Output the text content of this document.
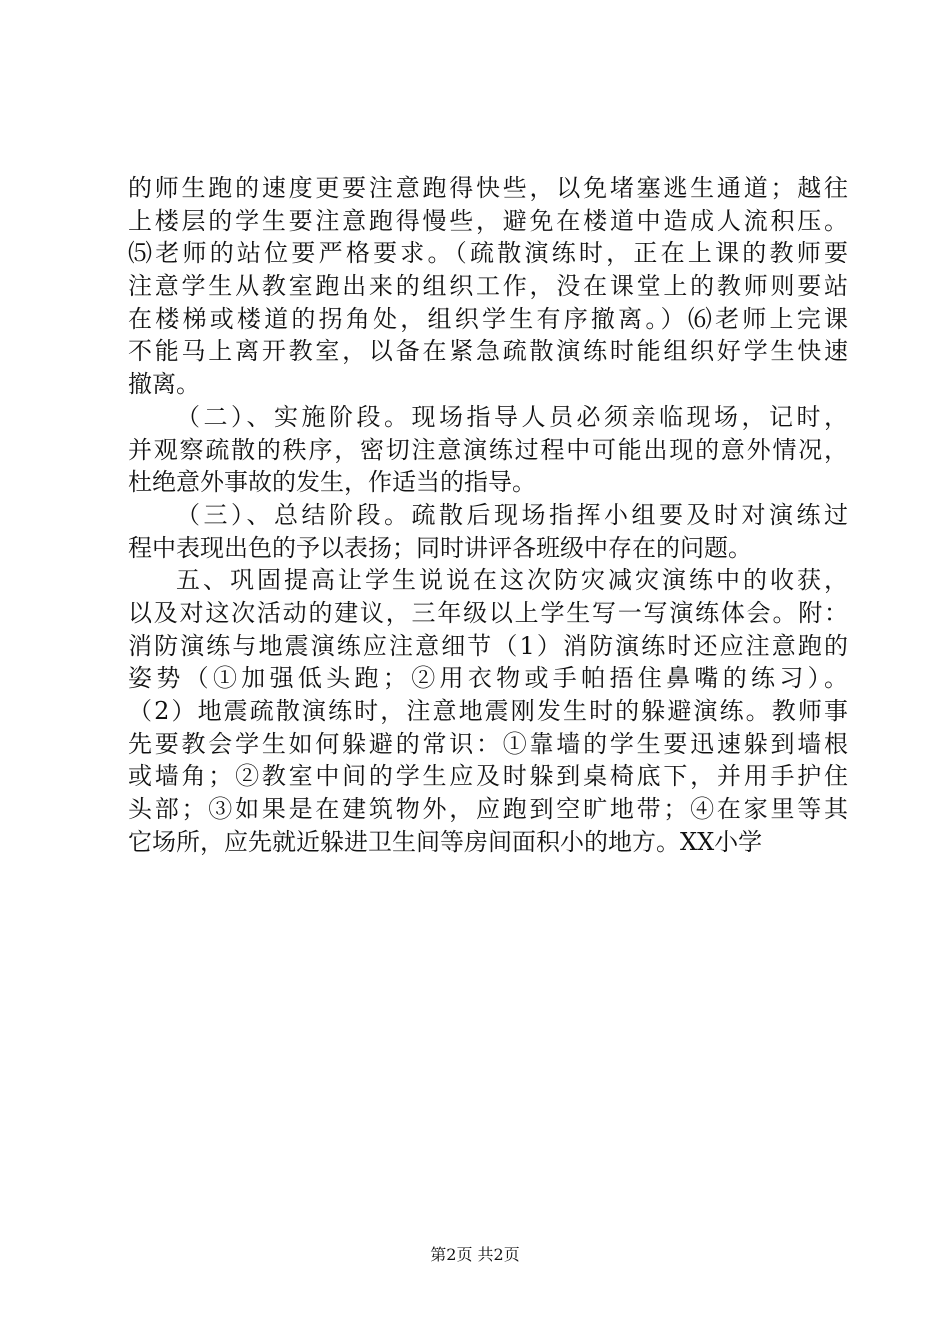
的师生跑的速度更要注意跑得快些，以免堵塞逃生通道；越往
上楼层的学生要注意跑得慢些，避免在楼道中造成人流积压。
⑸老师的站位要严格要求。（疏散演练时，正在上课的教师要
注意学生从教室跑出来的组织工作，没在课堂上的教师则要站
在楼梯或楼道的拐角处，组织学生有序撤离。）⑹老师上完课
不能马上离开教室，以备在紧急疏散演练时能组织好学生快速
撤离。
（二）、实施阶段。现场指导人员必须亲临现场，记时，
并观察疏散的秩序，密切注意演练过程中可能出现的意外情况，
杜绝意外事故的发生，作适当的指导。
（三）、总结阶段。疏散后现场指挥小组要及时对演练过
程中表现出色的予以表扬；同时讲评各班级中存在的问题。
五、巩固提高让学生说说在这次防灾减灾演练中的收获，
以及对这次活动的建议，三年级以上学生写一写演练体会。附：
消防演练与地震演练应注意细节（1）消防演练时还应注意跑的
姿势（①加强低头跑；②用衣物或手帕捂住鼻嘴的练习）。
（2）地震疏散演练时，注意地震刚发生时的躲避演练。教师事
先要教会学生如何躲避的常识：①靠墙的学生要迅速躲到墙根
或墙角；②教室中间的学生应及时躲到桌椅底下，并用手护住
头部；③如果是在建筑物外，应跑到空旷地带；④在家里等其
它场所，应先就近躲进卫生间等房间面积小的地方。XX小学
第2页 共2页
